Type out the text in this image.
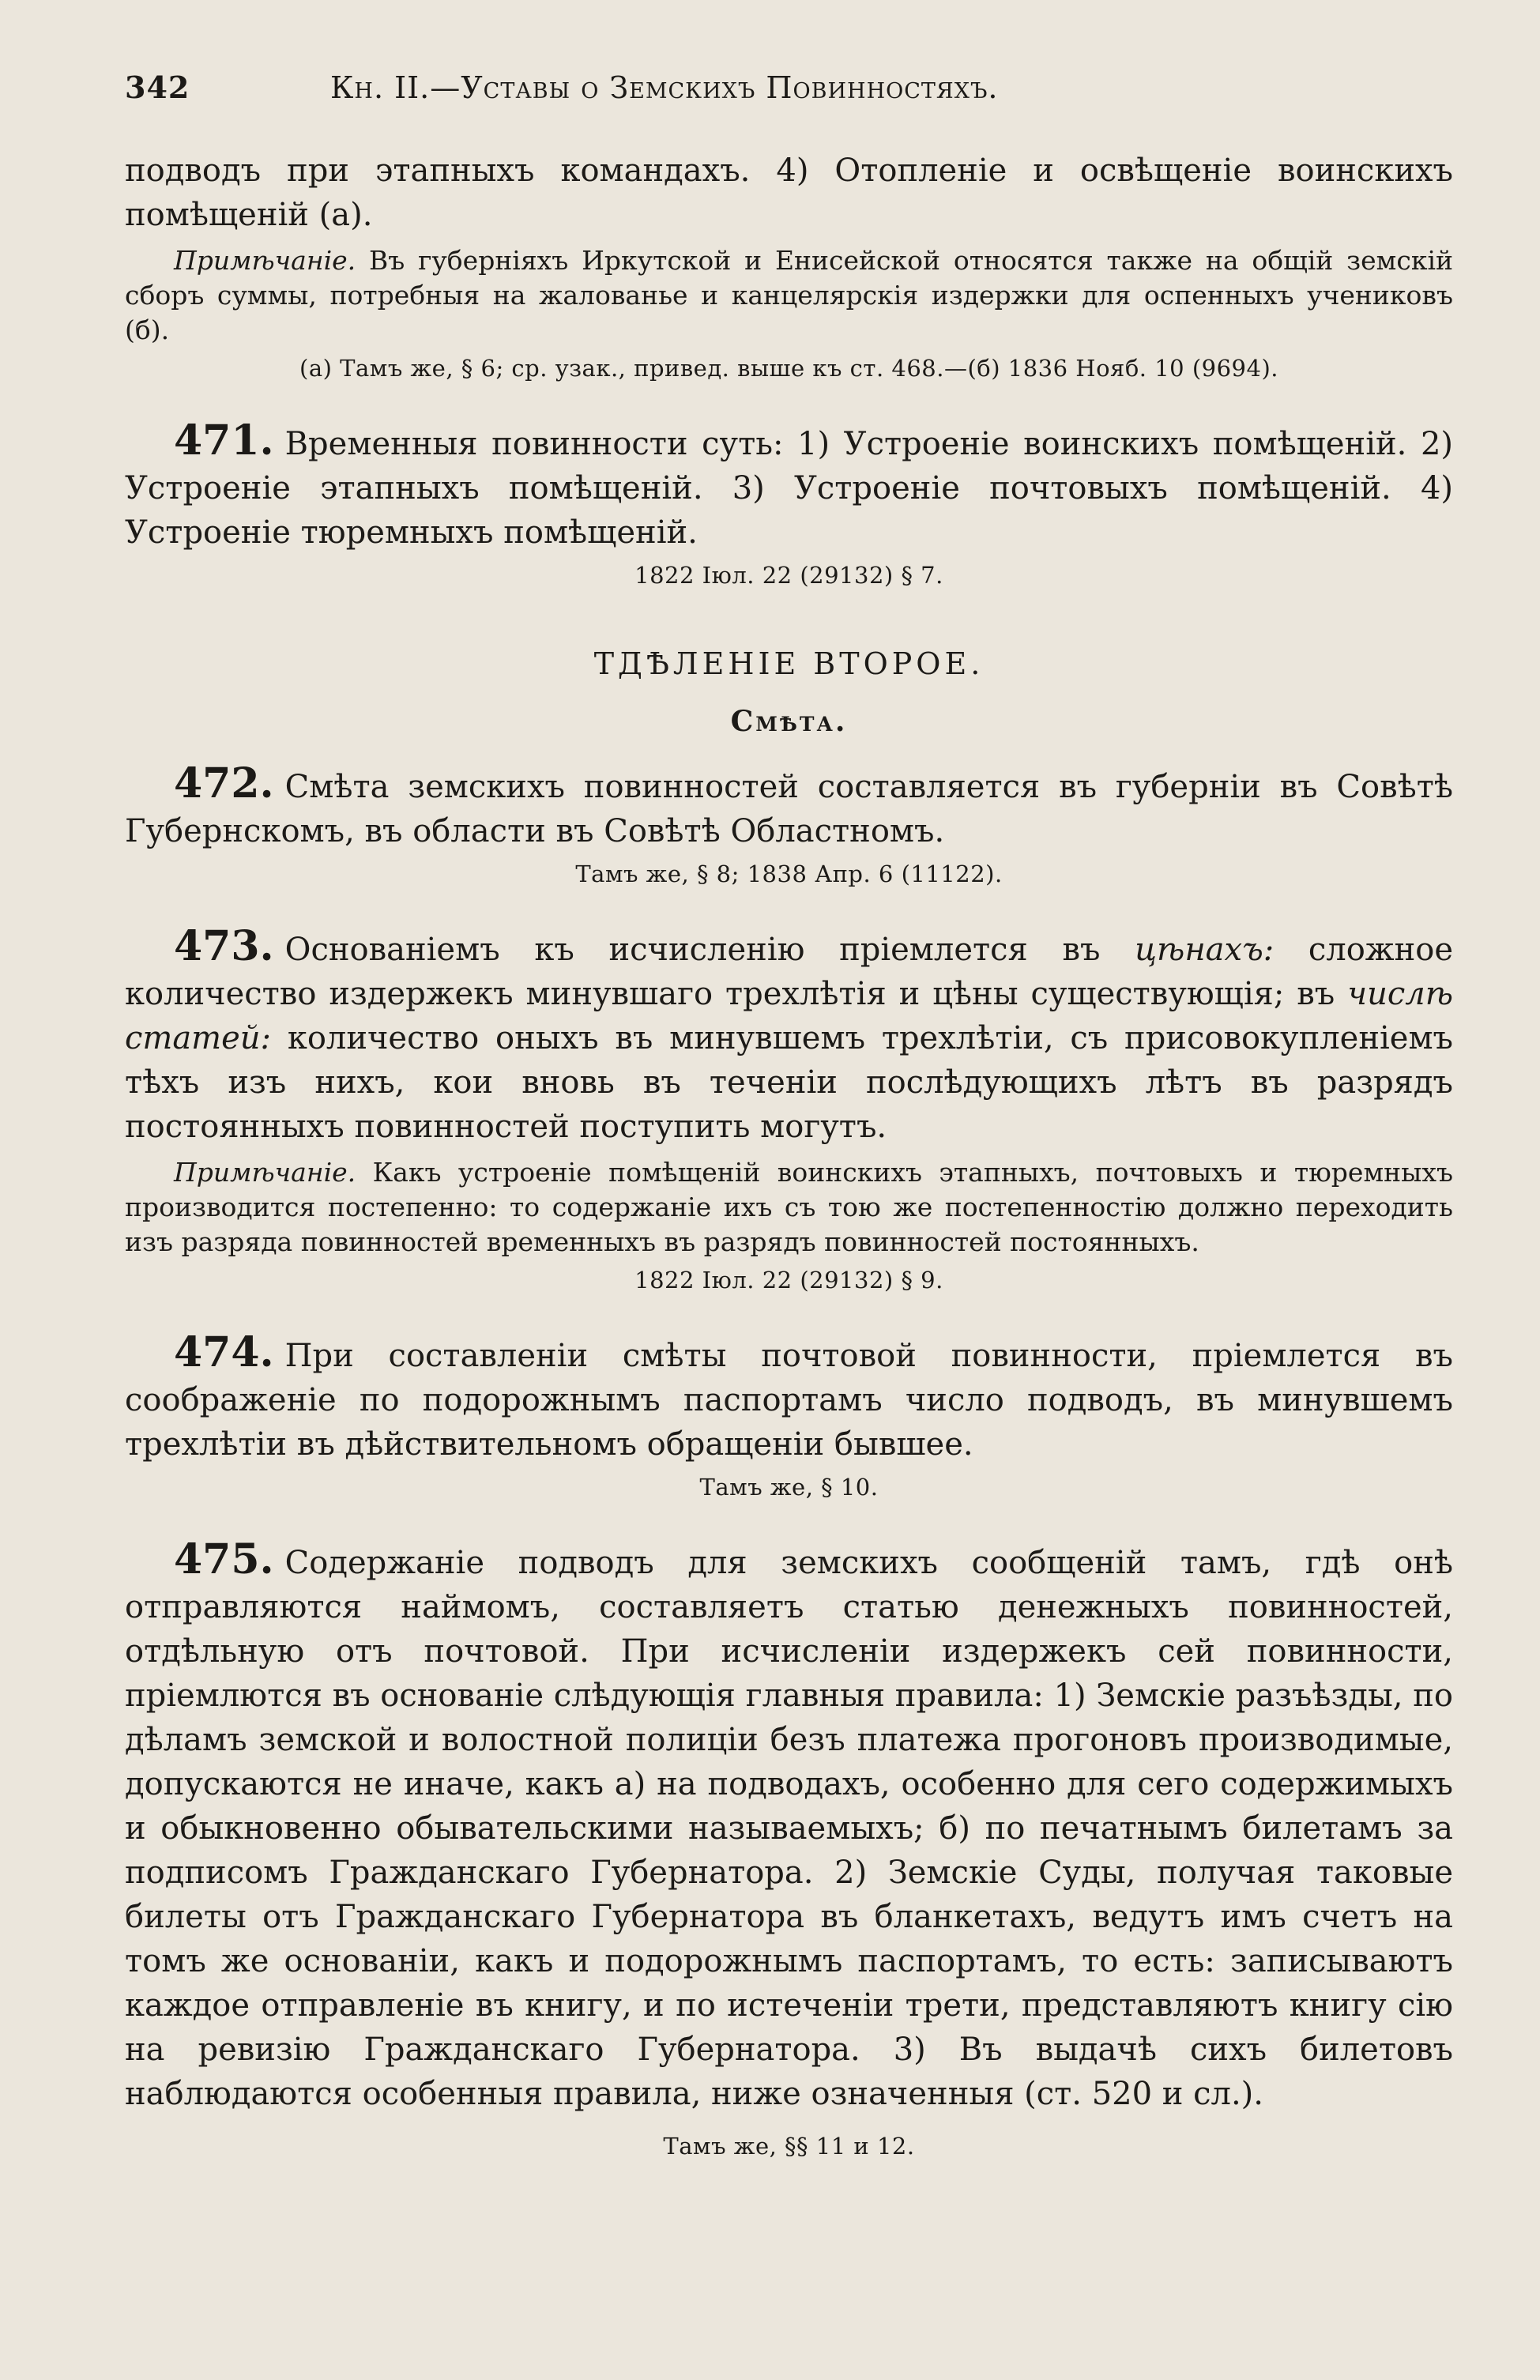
342	Кн. II.—Уставы о Земскихъ Повинностяхъ.

подводъ при этапныхъ командахъ. 4) Отопленіе и освѣщеніе воинскихъ помѣщеній (а).

Примѣчаніе. Въ губерніяхъ Иркутской и Енисейской относятся также на общій земскій сборъ суммы, потребныя на жалованье и канцелярскія издержки для оспенныхъ учениковъ (б).

(а) Тамъ же, § 6; ср. узак., привед. выше къ ст. 468.—(б) 1836 Нояб. 10 (9694).

471. Временныя повинности суть: 1) Устроеніе воинскихъ помѣщеній. 2) Устроеніе этапныхъ помѣщеній. 3) Устроеніе почтовыхъ помѣщеній. 4) Устроеніе тюремныхъ помѣщеній.

1822 Іюл. 22 (29132) § 7.

ТДѢЛЕНІЕ ВТОРОЕ.

Смѣта.

472. Смѣта земскихъ повинностей составляется въ губерніи въ Совѣтѣ Губернскомъ, въ области въ Совѣтѣ Областномъ.

Тамъ же, § 8; 1838 Апр. 6 (11122).

473. Основаніемъ къ исчисленію пріемлется въ цѣнахъ: сложное количество издержекъ минувшаго трехлѣтія и цѣны существующія; въ числѣ статей: количество оныхъ въ минувшемъ трехлѣтіи, съ присовокупленіемъ тѣхъ изъ нихъ, кои вновь въ теченіи послѣдующихъ лѣтъ въ разрядъ постоянныхъ повинностей поступить могутъ.

Примѣчаніе. Какъ устроеніе помѣщеній воинскихъ этапныхъ, почтовыхъ и тюремныхъ производится постепенно: то содержаніе ихъ съ тою же постепенностію должно переходить изъ разряда повинностей временныхъ въ разрядъ повинностей постоянныхъ.

1822 Іюл. 22 (29132) § 9.

474. При составленіи смѣты почтовой повинности, пріемлется въ соображеніе по подорожнымъ паспортамъ число подводъ, въ минувшемъ трехлѣтіи въ дѣйствительномъ обращеніи бывшее.

Тамъ же, § 10.

475. Содержаніе подводъ для земскихъ сообщеній тамъ, гдѣ онѣ отправляются наймомъ, составляетъ статью денежныхъ повинностей, отдѣльную отъ почтовой. При исчисленіи издержекъ сей повинности, пріемлются въ основаніе слѣдующія главныя правила: 1) Земскіе разъѣзды, по дѣламъ земской и волостной полиціи безъ платежа прогоновъ производимые, допускаются не иначе, какъ а) на подводахъ, особенно для сего содержимыхъ и обыкновенно обывательскими называемыхъ; б) по печатнымъ билетамъ за подписомъ Гражданскаго Губернатора. 2) Земскіе Суды, получая таковые билеты отъ Гражданскаго Губернатора въ бланкетахъ, ведутъ имъ счетъ на томъ же основаніи, какъ и подорожнымъ паспортамъ, то есть: записываютъ каждое отправленіе въ книгу, и по истеченіи трети, представляютъ книгу сію на ревизію Гражданскаго Губернатора. 3) Въ выдачѣ сихъ билетовъ наблюдаются особенныя правила, ниже означенныя (ст. 520 и сл.).

Тамъ же, §§ 11 и 12.
